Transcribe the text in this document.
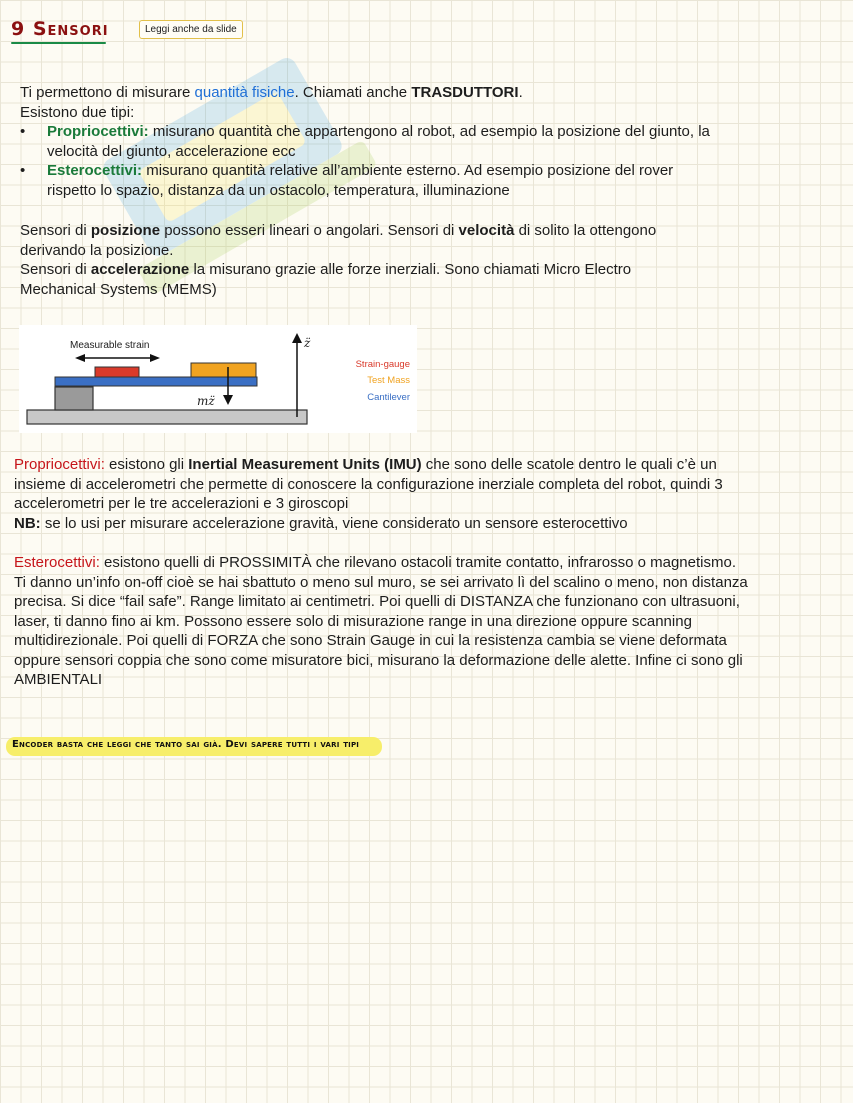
9 Sensori	Leggi anche da slide
Ti permettono di misurare quantità fisiche. Chiamati anche TRASDUTTORI.
Esistono due tipi:
• Propriocettivi: misurano quantità che appartengono al robot, ad esempio la posizione del giunto, la velocità del giunto, accelerazione ecc
• Esterocettivi: misurano quantità relative all’ambiente esterno. Ad esempio posizione del rover rispetto lo spazio, distanza da un ostacolo, temperatura, illuminazione
Sensori di posizione possono esseri lineari o angolari. Sensori di velocità di solito la ottengono derivando la posizione.
Sensori di accelerazione la misurano grazie alle forze inerziali. Sono chiamati Micro Electro Mechanical Systems (MEMS)
Measurable strain
mz̈
z̈
Strain-gauge
Test Mass
Cantilever
Propriocettivi: esistono gli Inertial Measurement Units (IMU) che sono delle scatole dentro le quali c’è un insieme di accelerometri che permette di conoscere la configurazione inerziale completa del robot, quindi 3 accelerometri per le tre accelerazioni e 3 giroscopi
NB: se lo usi per misurare accelerazione gravità, viene considerato un sensore esterocettivo
Esterocettivi: esistono quelli di PROSSIMITÀ che rilevano ostacoli tramite contatto, infrarosso o magnetismo. Ti danno un’info on-off cioè se hai sbattuto o meno sul muro, se sei arrivato lì del scalino o meno, non distanza precisa. Si dice “fail safe”. Range limitato ai centimetri. Poi quelli di DISTANZA che funzionano con ultrasuoni, laser, ti danno fino ai km. Possono essere solo di misurazione range in una direzione oppure scanning multidirezionale. Poi quelli di FORZA che sono Strain Gauge in cui la resistenza cambia se viene deformata oppure sensori coppia che sono come misuratore bici, misurano la deformazione delle alette. Infine ci sono gli AMBIENTALI
Encoder basta che leggi che tanto sai già. Devi sapere tutti i vari tipi
